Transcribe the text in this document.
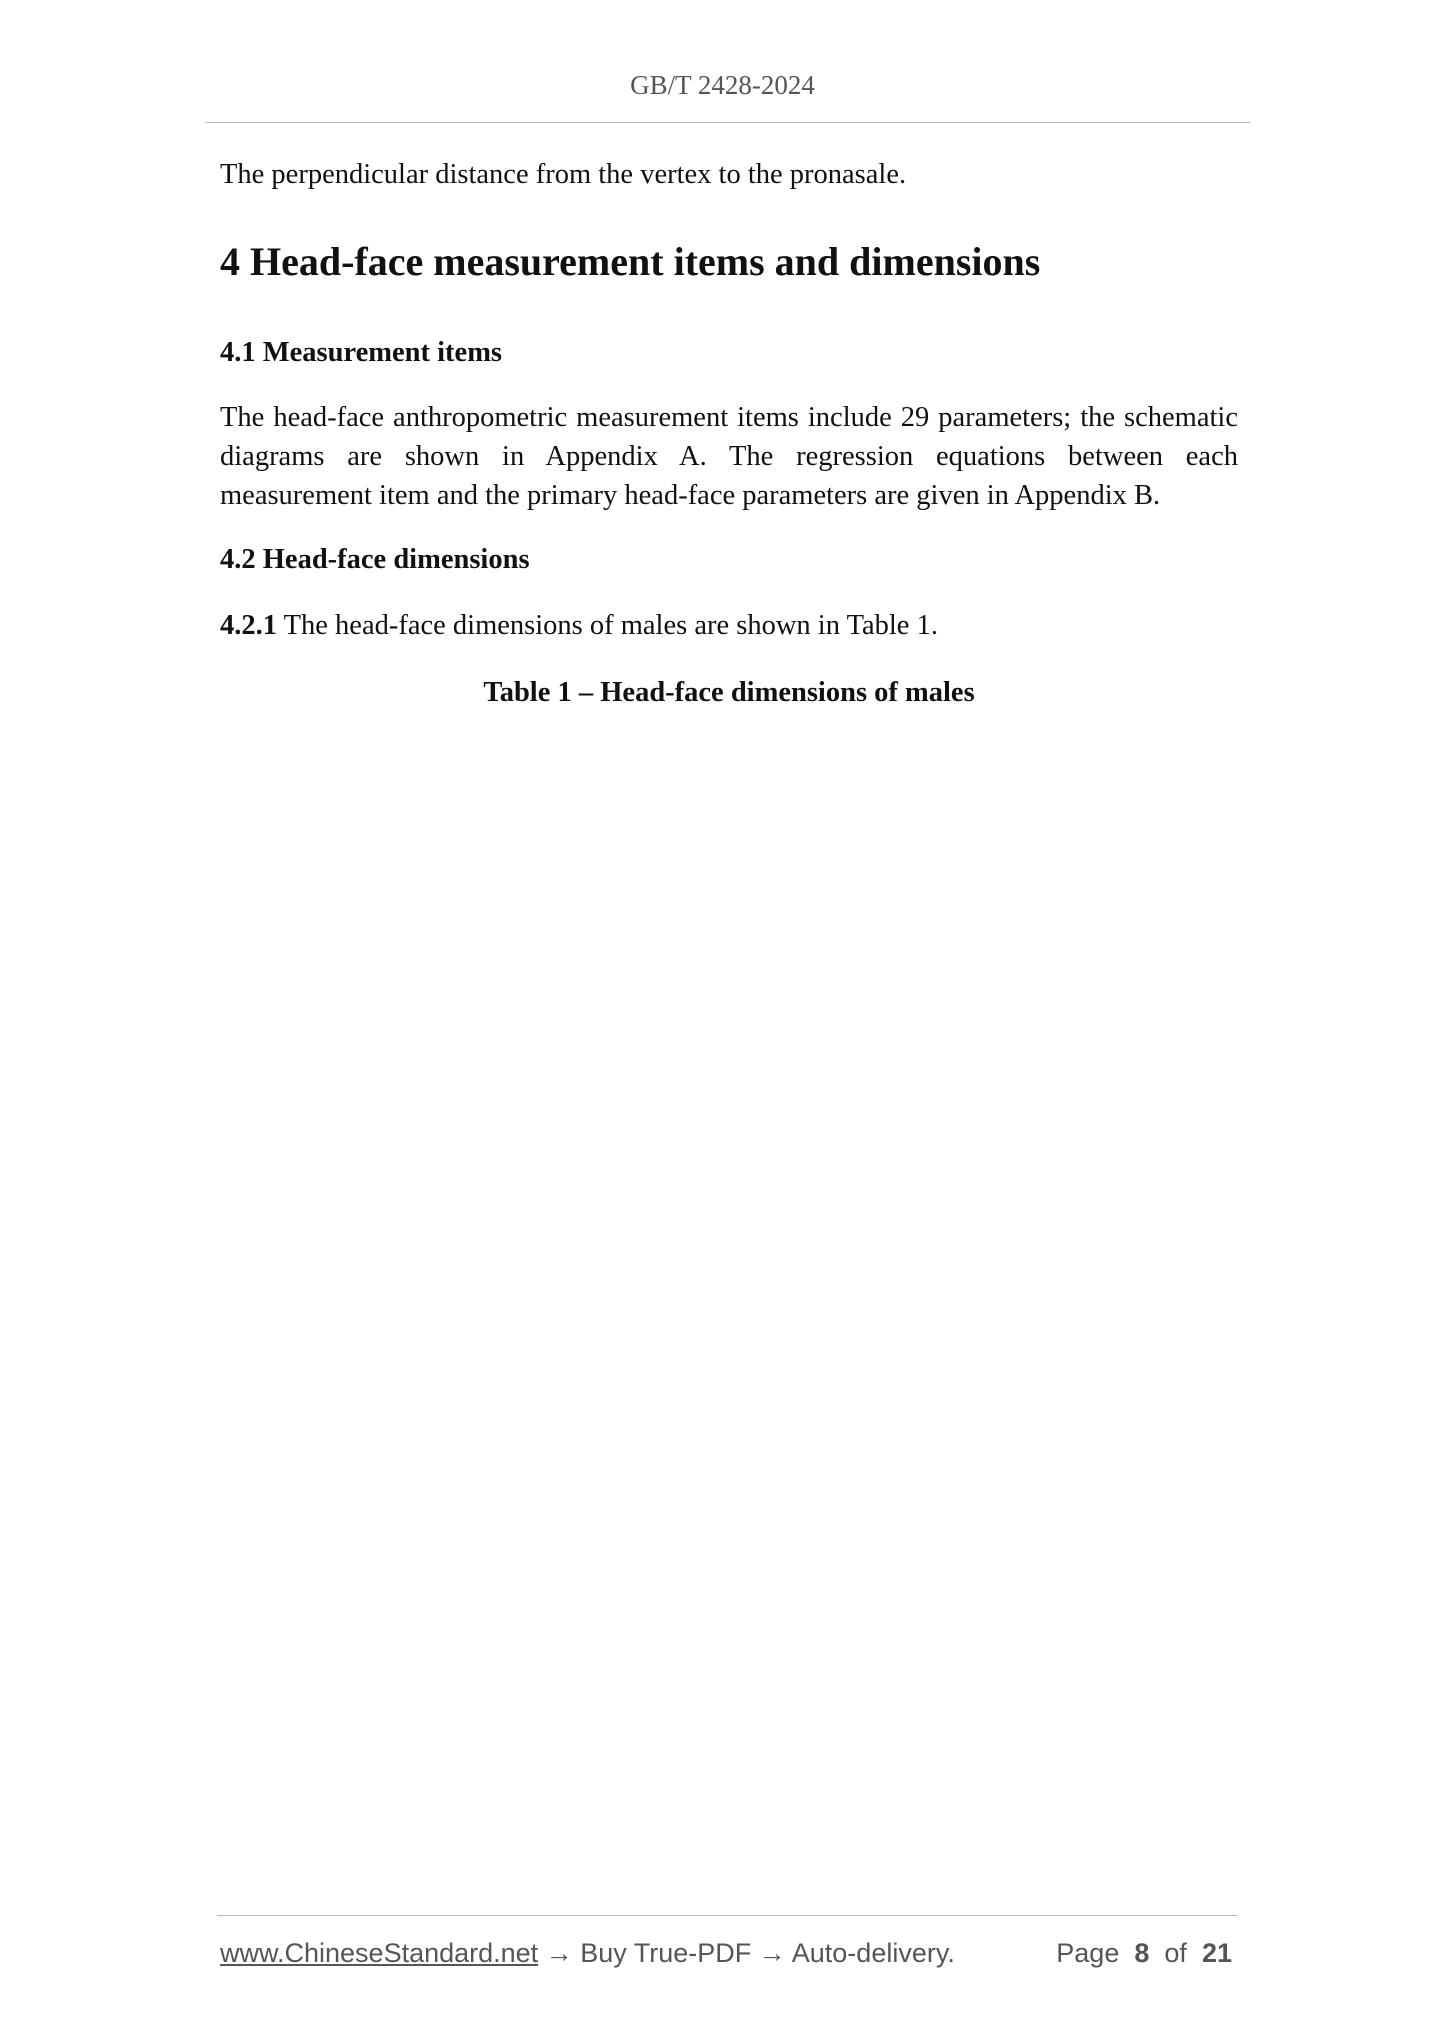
GB/T 2428-2024

The perpendicular distance from the vertex to the pronasale.

4 Head-face measurement items and dimensions
4.1 Measurement items

The head-face anthropometric measurement items include 29 parameters; the schematic diagrams are shown in Appendix A. The regression equations between each measurement item and the primary head-face parameters are given in Appendix B.

4.2 Head-face dimensions

4.2.1 The head-face dimensions of males are shown in Table 1.

Table 1 – Head-face dimensions of males

www.ChineseStandard.net → Buy True-PDF → Auto-delivery.	Page 8 of 21
